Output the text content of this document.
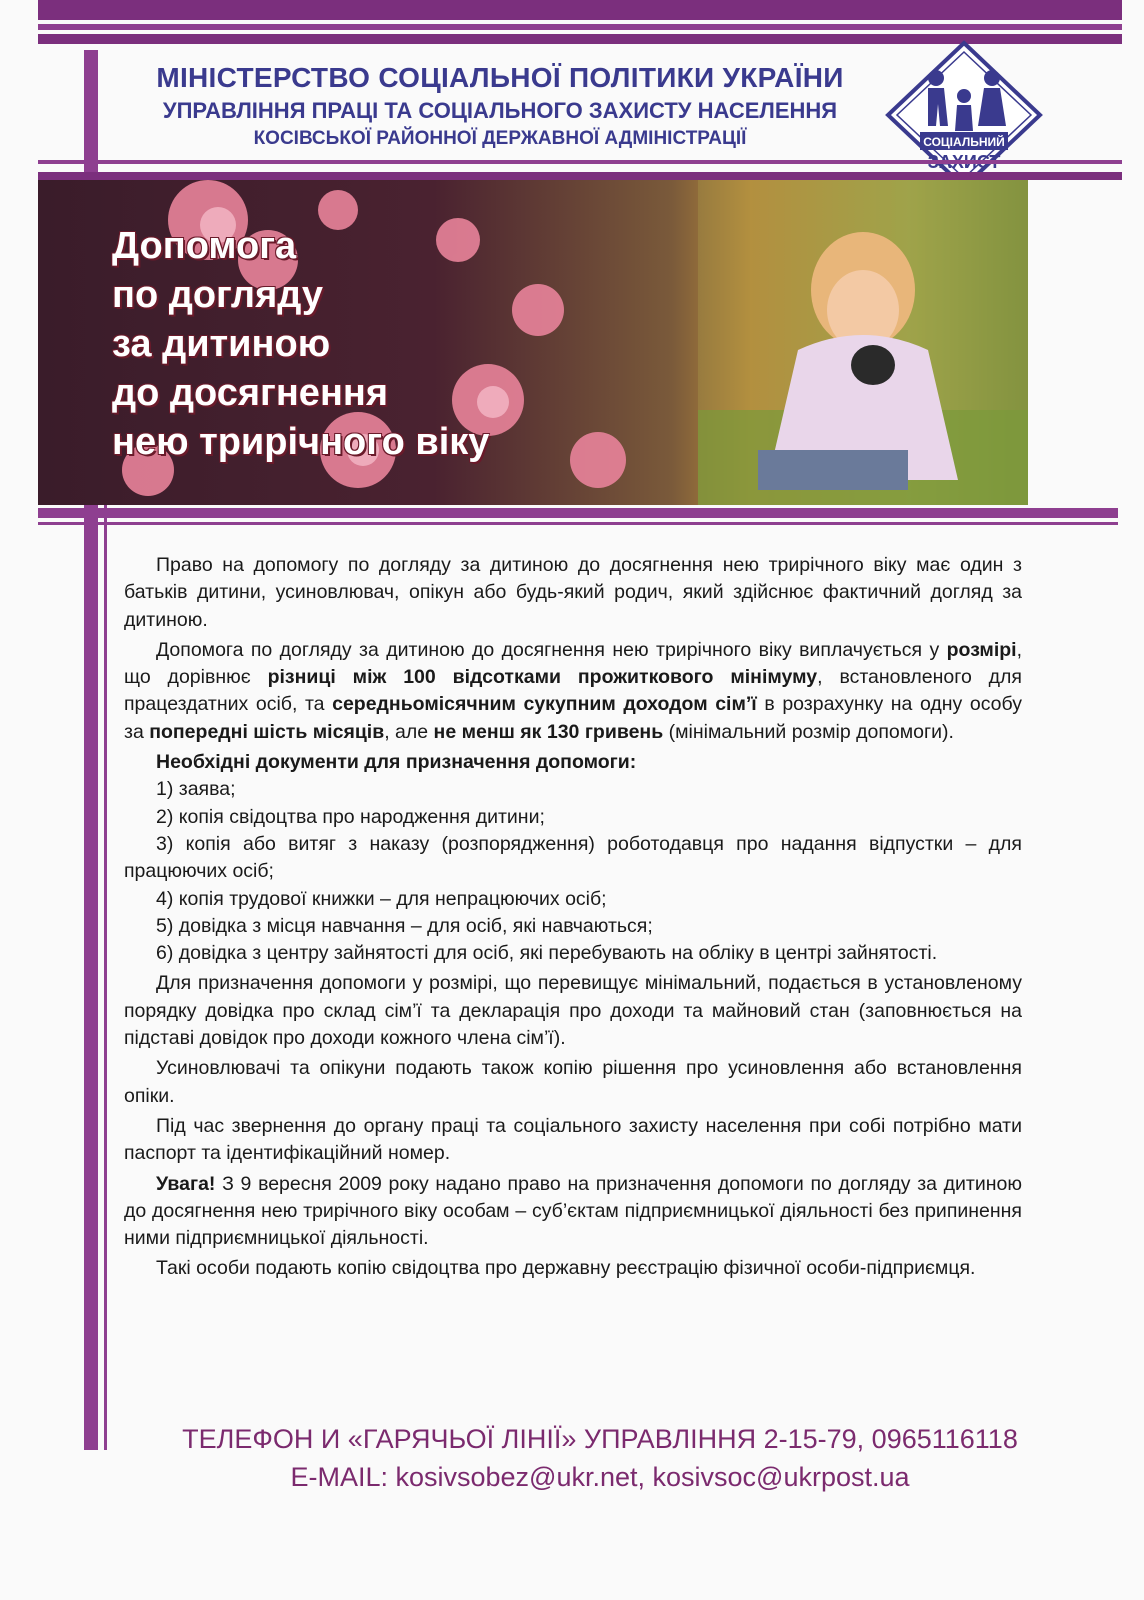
МІНІСТЕРСТВО СОЦІАЛЬНОЇ ПОЛІТИКИ УКРАЇНИ
УПРАВЛІННЯ ПРАЦІ ТА СОЦІАЛЬНОГО ЗАХИСТУ НАСЕЛЕННЯ
КОСІВСЬКОЇ РАЙОННОЇ ДЕРЖАВНОЇ АДМІНІСТРАЦІЇ	СОЦІАЛЬНИЙ
Допомога
по догляду
за дитиною
до досягнення
нею трирічного віку

Право на допомогу по догляду за дитиною до досягнення нею трирічного віку має один з батьків дитини, усиновлювач, опікун або будь-який родич, який здійснює фактичний догляд за дитиною.

Допомога по догляду за дитиною до досягнення нею трирічного віку виплачується у розмірі, що дорівнює різниці між 100 відсотками прожиткового мінімуму, встановленого для працездатних осіб, та середньомісячним сукупним доходом сім’ї в розрахунку на одну особу за попередні шість місяців, але не менш як 130 гривень (мінімальний розмір допомоги).

Необхідні документи для призначення допомоги:
1) заява;
2) копія свідоцтва про народження дитини;
3) копія або витяг з наказу (розпорядження) роботодавця про надання відпустки – для працюючих осіб;
4) копія трудової книжки – для непрацюючих осіб;
5) довідка з місця навчання – для осіб, які навчаються;
6) довідка з центру зайнятості для осіб, які перебувають на обліку в центрі зайнятості.

Для призначення допомоги у розмірі, що перевищує мінімальний, подається в установленому порядку довідка про склад сім’ї та декларація про доходи та майновий стан (заповнюється на підставі довідок про доходи кожного члена сім’ї).

Усиновлювачі та опікуни подають також копію рішення про усиновлення або встановлення опіки.

Під час звернення до органу праці та соціального захисту населення при собі потрібно мати паспорт та ідентифікаційний номер.

Увага! З 9 вересня 2009 року надано право на призначення допомоги по догляду за дитиною до досягнення нею трирічного віку особам – суб’єктам підприємницької діяльності без припинення ними підприємницької діяльності.

Такі особи подають копію свідоцтва про державну реєстрацію фізичної особи-підприємця.

ТЕЛЕФОН И «ГАРЯЧЬОЇ ЛІНІЇ» УПРАВЛІННЯ 2-15-79, 0965116118
E-MAIL: kosivsobez@ukr.net, kosivsoc@ukrpost.ua
